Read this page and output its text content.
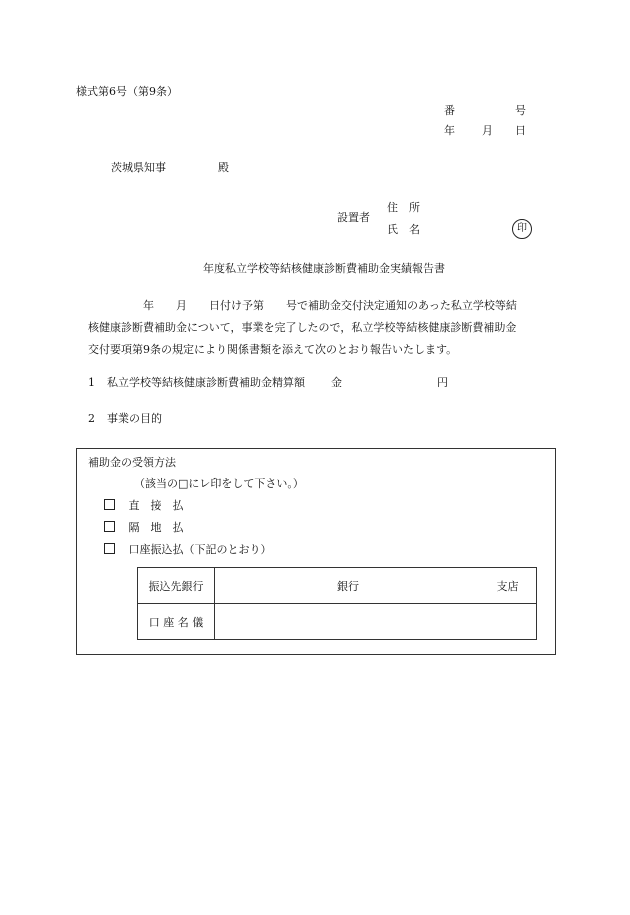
様式第6号（第9条）
番	号
年 月 日
茨城県知事	殿
設置者
住　所
氏　名	印
年度私立学校等結核健康診断費補助金実績報告書
　　　　　年　　月　　日付け予第　　号で補助金交付決定通知のあった私立学校等結
核健康診断費補助金について，事業を完了したので，私立学校等結核健康診断費補助金
交付要項第9条の規定により関係書類を添えて次のとおり報告いたします。
1 私立学校等結核健康診断費補助金精算額 金	円
2 事業の目的
補助金の受領方法
（該当の□にレ印をして下さい。）
直　接　払
隔　地　払
口座振込払（下記のとおり）
振込先銀行	銀行 支店
口 座 名 儀	
